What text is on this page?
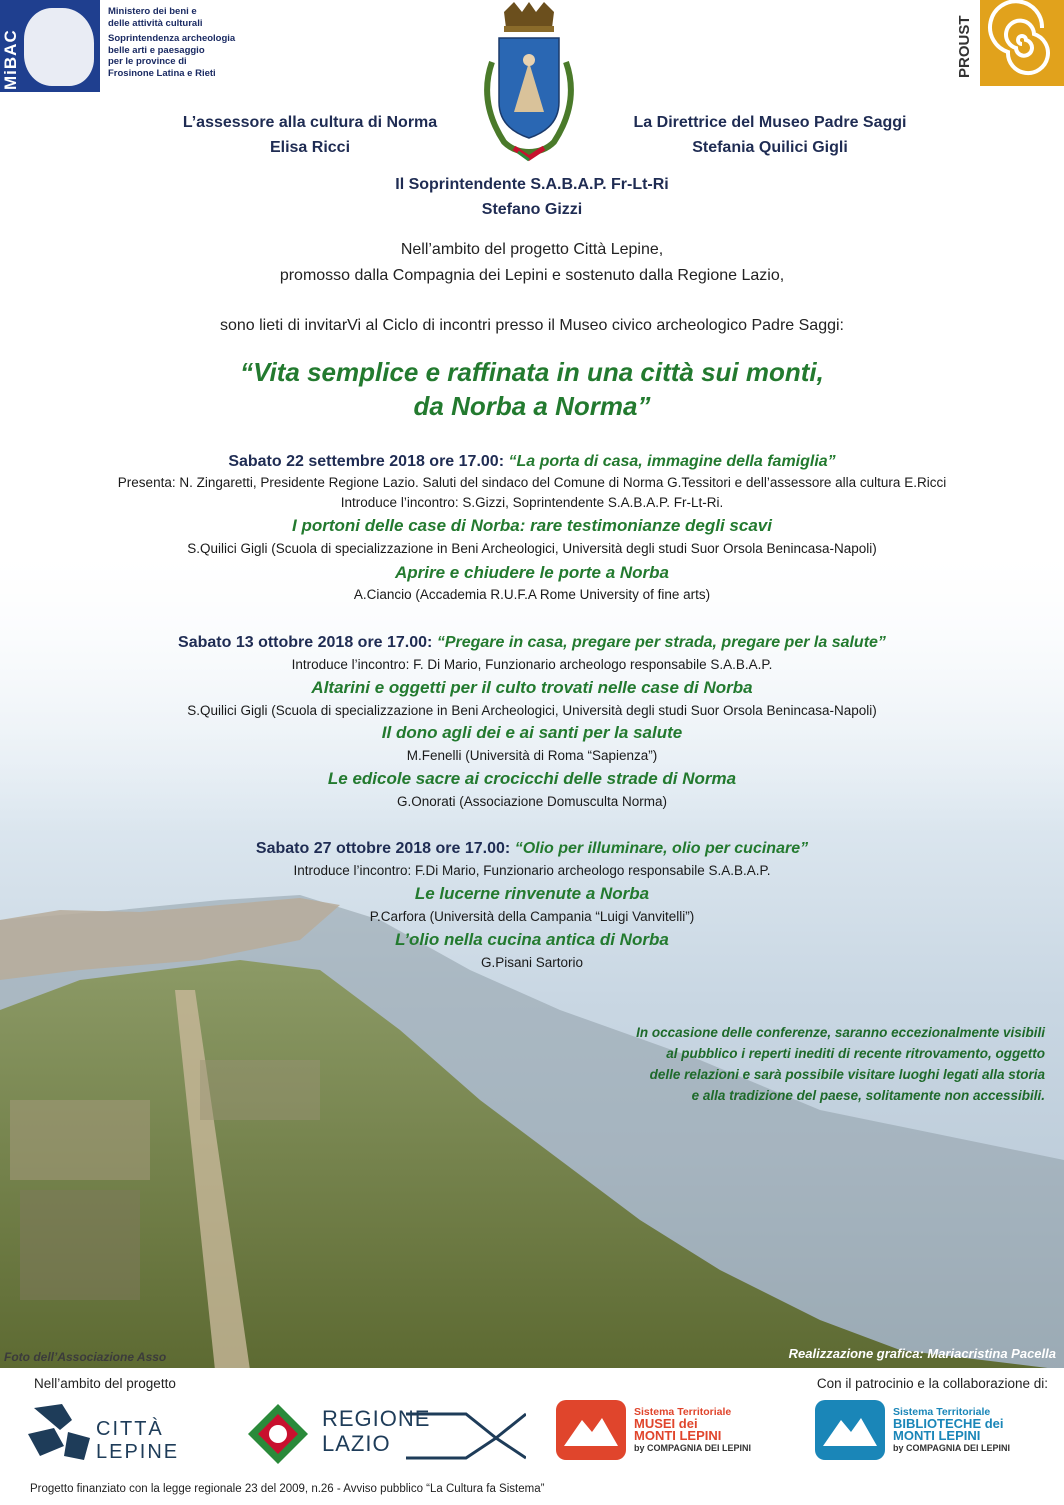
MiBAC
Ministero dei beni e
delle attività culturali
Soprintendenza archeologia
belle arti e paesaggio
per le province di
Frosinone Latina e Rieti	PROUST
L’assessore alla cultura di Norma
Elisa Ricci
La Direttrice del Museo Padre Saggi
Stefania Quilici Gigli
Il Soprintendente S.A.B.A.P. Fr-Lt-Ri
Stefano Gizzi
Nell’ambito del progetto Città Lepine,
promosso dalla Compagnia dei Lepini e sostenuto dalla Regione Lazio,
sono lieti di invitarVi al Ciclo di incontri presso il Museo civico archeologico Padre Saggi:
“Vita semplice e raffinata in una città sui monti,
da Norba a Norma”
Sabato 22 settembre 2018 ore 17.00: “La porta di casa, immagine della famiglia”
Presenta: N. Zingaretti, Presidente Regione Lazio. Saluti del sindaco del Comune di Norma G.Tessitori e dell’assessore alla cultura E.Ricci
Introduce l’incontro: S.Gizzi, Soprintendente S.A.B.A.P. Fr-Lt-Ri.
I portoni delle case di Norba: rare testimonianze degli scavi
S.Quilici Gigli (Scuola di specializzazione in Beni Archeologici, Università degli studi Suor Orsola Benincasa-Napoli)
Aprire e chiudere le porte a Norba
A.Ciancio (Accademia R.U.F.A Rome University of fine arts)
Sabato 13 ottobre 2018 ore 17.00: “Pregare in casa, pregare per strada, pregare per la salute”
Introduce l’incontro: F. Di Mario, Funzionario archeologo responsabile S.A.B.A.P.
Altarini e oggetti per il culto trovati nelle case di Norba
S.Quilici Gigli (Scuola di specializzazione in Beni Archeologici, Università degli studi Suor Orsola Benincasa-Napoli)
Il dono agli dei e ai santi per la salute
M.Fenelli (Università di Roma “Sapienza”)
Le edicole sacre ai crocicchi delle strade di Norma
G.Onorati (Associazione Domusculta Norma)
Sabato 27 ottobre 2018 ore 17.00: “Olio per illuminare, olio per cucinare”
Introduce l’incontro: F.Di Mario, Funzionario archeologo responsabile S.A.B.A.P.
Le lucerne rinvenute a Norba
P.Carfora (Università della Campania “Luigi Vanvitelli”)
L’olio nella cucina antica di Norba
G.Pisani Sartorio
In occasione delle conferenze, saranno eccezionalmente visibili
al pubblico i reperti inediti di recente ritrovamento, oggetto
delle relazioni e sarà possibile visitare luoghi legati alla storia
e alla tradizione del paese, solitamente non accessibili.
Foto dell’Associazione Asso	Realizzazione grafica: Mariacristina Pacella
Nell’ambito del progetto	Con il patrocinio e la collaborazione di:
CITTÀ
LEPINE
REGIONE
LAZIO
Sistema Territoriale
MUSEI dei
MONTI LEPINI
by COMPAGNIA DEI LEPINI
Sistema Territoriale
BIBLIOTECHE dei
MONTI LEPINI
by COMPAGNIA DEI LEPINI
Progetto finanziato con la legge regionale 23 del 2009, n.26 - Avviso pubblico “La Cultura fa Sistema”
